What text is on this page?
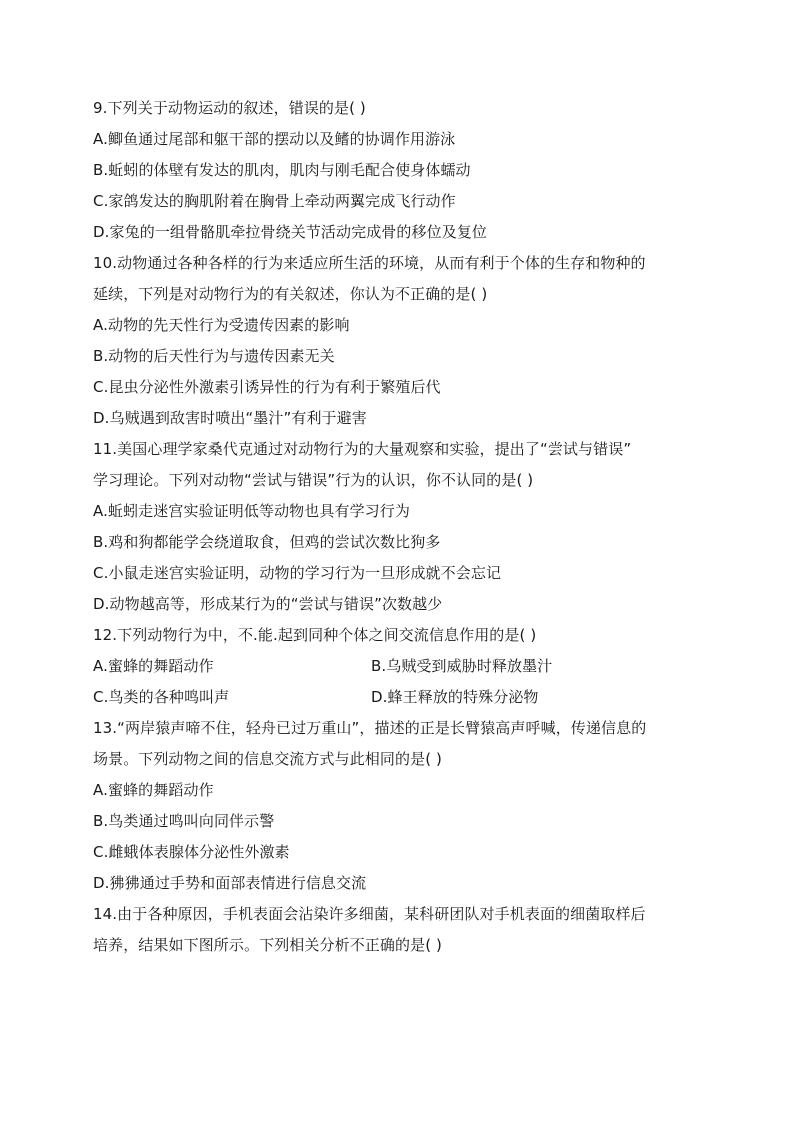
9.下列关于动物运动的叙述，错误的是( )
A.鲫鱼通过尾部和躯干部的摆动以及鳍的协调作用游泳
B.蚯蚓的体壁有发达的肌肉，肌肉与刚毛配合使身体蠕动
C.家鸽发达的胸肌附着在胸骨上牵动两翼完成飞行动作
D.家兔的一组骨骼肌牵拉骨绕关节活动完成骨的移位及复位
10.动物通过各种各样的行为来适应所生活的环境，从而有利于个体的生存和物种的
延续，下列是对动物行为的有关叙述，你认为不正确的是( )
A.动物的先天性行为受遗传因素的影响
B.动物的后天性行为与遗传因素无关
C.昆虫分泌性外激素引诱异性的行为有利于繁殖后代
D.乌贼遇到敌害时喷出“墨汁”有利于避害
11.美国心理学家桑代克通过对动物行为的大量观察和实验，提出了“尝试与错误”
学习理论。下列对动物“尝试与错误”行为的认识，你不认同的是( )
A.蚯蚓走迷宫实验证明低等动物也具有学习行为
B.鸡和狗都能学会绕道取食，但鸡的尝试次数比狗多
C.小鼠走迷宫实验证明，动物的学习行为一旦形成就不会忘记
D.动物越高等，形成某行为的“尝试与错误”次数越少
12.下列动物行为中，不.能.起到同种个体之间交流信息作用的是( )
A.蜜蜂的舞蹈动作	B.乌贼受到威胁时释放墨汁
C.鸟类的各种鸣叫声	D.蜂王释放的特殊分泌物
13.“两岸猿声啼不住，轻舟已过万重山”，描述的正是长臂猿高声呼喊，传递信息的
场景。下列动物之间的信息交流方式与此相同的是( )
A.蜜蜂的舞蹈动作
B.鸟类通过鸣叫向同伴示警
C.雌蛾体表腺体分泌性外激素
D.狒狒通过手势和面部表情进行信息交流
14.由于各种原因，手机表面会沾染许多细菌，某科研团队对手机表面的细菌取样后
培养，结果如下图所示。下列相关分析不正确的是( )
